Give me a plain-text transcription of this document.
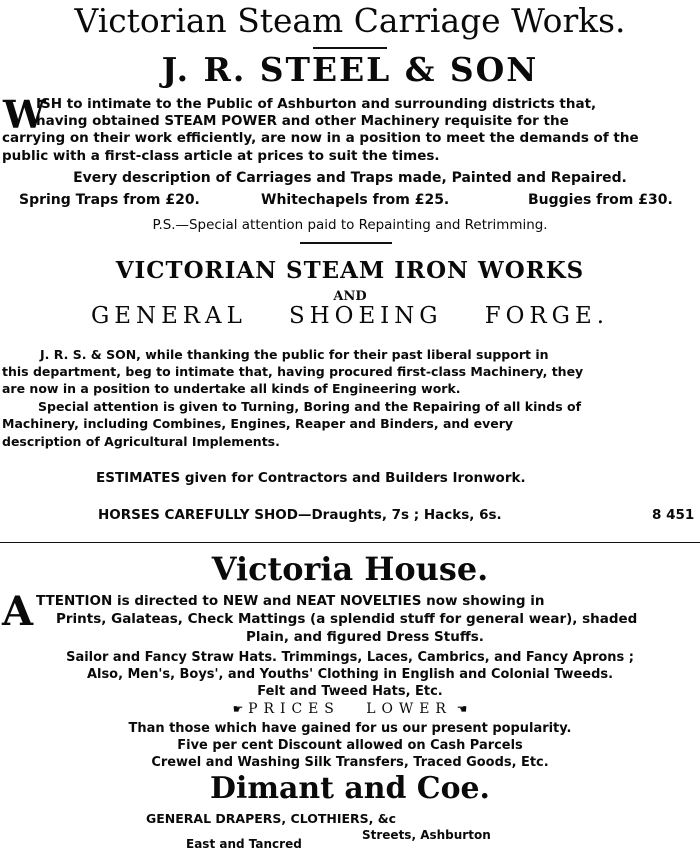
Victorian Steam Carriage Works.
J. R. STEEL & SON
W
ISH to intimate to the Public of Ashburton and surrounding districts that,
having obtained STEAM POWER and other Machinery requisite for the
carrying on their work efficiently, are now in a position to meet the demands of the
public with a first-class article at prices to suit the times.
Every description of Carriages and Traps made, Painted and Repaired.
Spring Traps from £20.	Whitechapels from £25.	Buggies from £30.
P.S.—Special attention paid to Repainting and Retrimming.
VICTORIAN STEAM IRON WORKS
AND
GENERAL SHOEING FORGE.
J. R. S. & SON, while thanking the public for their past liberal support in
this department, beg to intimate that, having procured first-class Machinery, they
are now in a position to undertake all kinds of Engineering work.
Special attention is given to Turning, Boring and the Repairing of all kinds of
Machinery, including Combines, Engines, Reaper and Binders, and every
description of Agricultural Implements.
ESTIMATES given for Contractors and Builders Ironwork.
HORSES CAREFULLY SHOD—Draughts, 7s ; Hacks, 6s.	8 451
Victoria House.
A TTENTION is directed to NEW and NEAT NOVELTIES now showing in
Prints, Galateas, Check Mattings (a splendid stuff for general wear), shaded
Plain, and figured Dress Stuffs.
Sailor and Fancy Straw Hats. Trimmings, Laces, Cambrics, and Fancy Aprons ;
Also, Men's, Boys', and Youths' Clothing in English and Colonial Tweeds.
Felt and Tweed Hats, Etc.
☛  PRICES LOWER  ☚
Than those which have gained for us our present popularity.
Five per cent Discount allowed on Cash Parcels
Crewel and Washing Silk Transfers, Traced Goods, Etc.
Dimant and Coe.
GENERAL DRAPERS, CLOTHIERS, &c
Streets, Ashburton
East and Tancred
